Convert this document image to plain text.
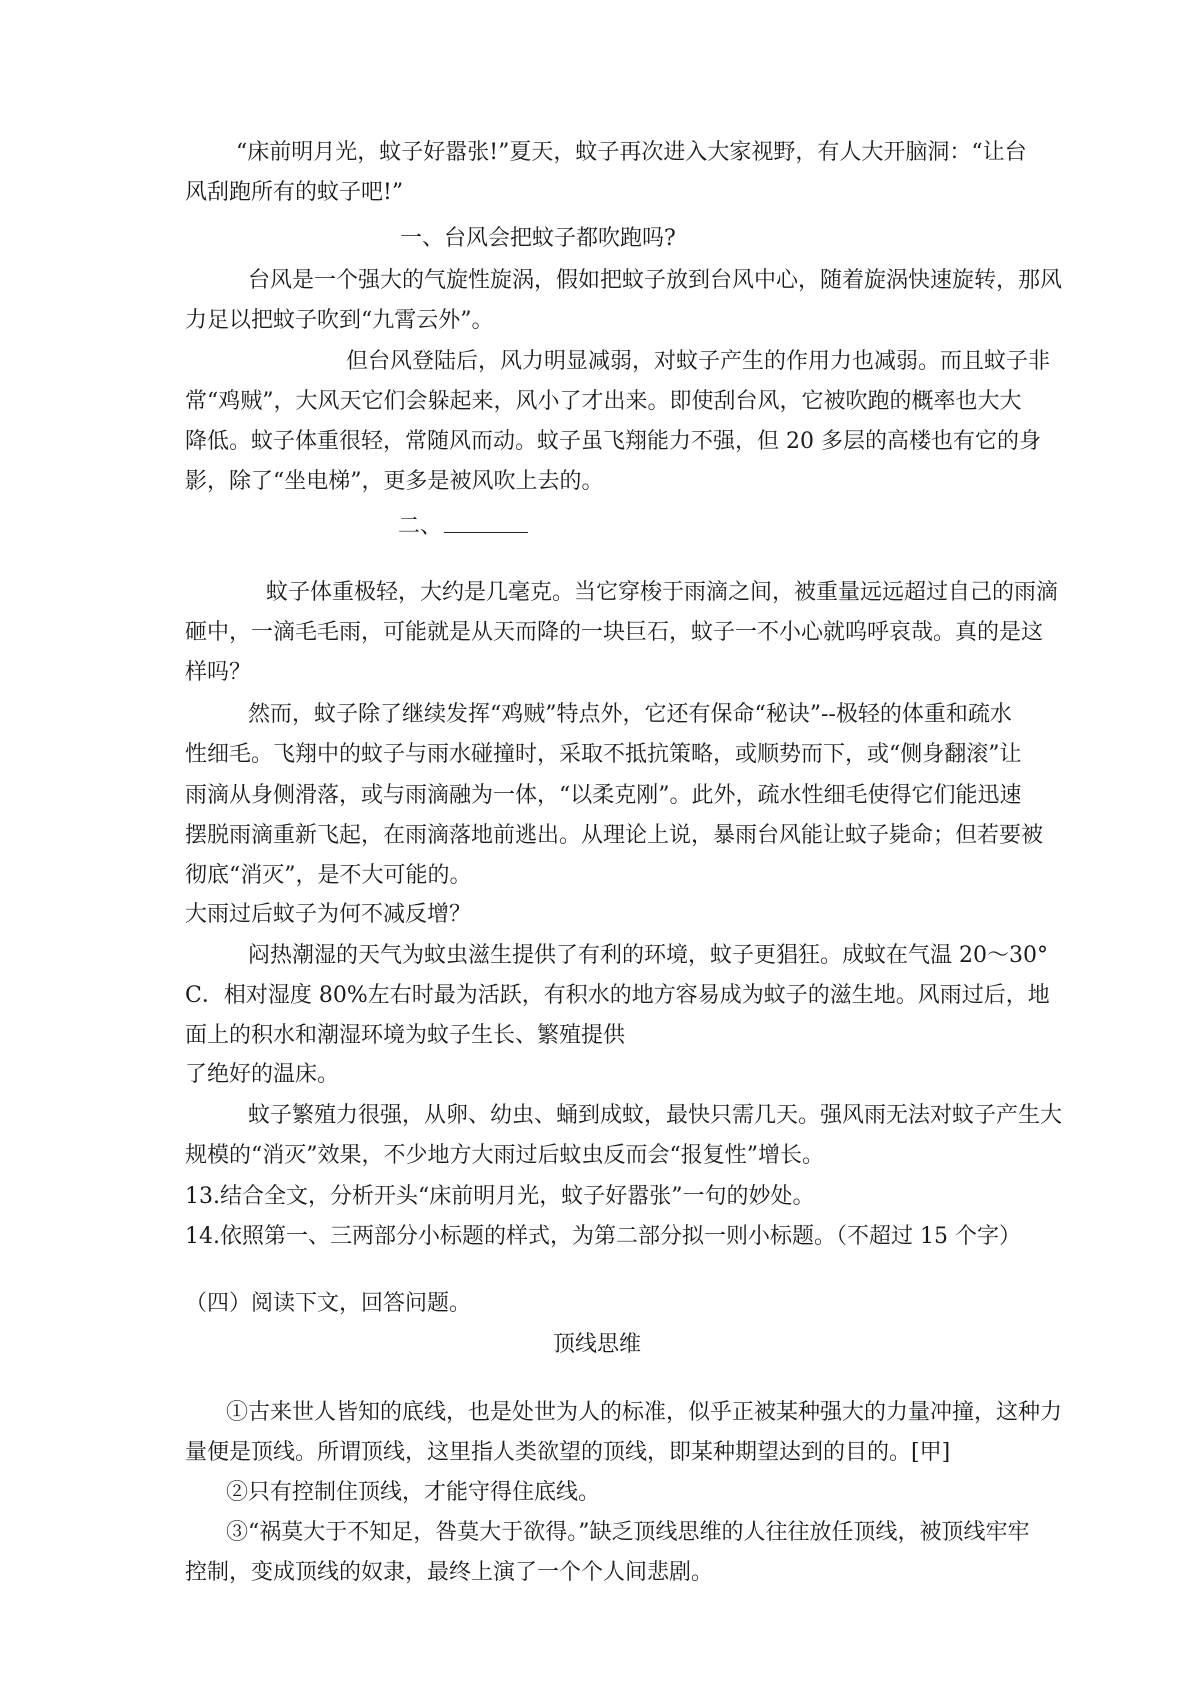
“床前明月光，蚊子好嚣张!”夏天，蚊子再次进入大家视野，有人大开脑洞：“让台
风刮跑所有的蚊子吧!”
一、台风会把蚊子都吹跑吗?
台风是一个强大的气旋性旋涡，假如把蚊子放到台风中心，随着旋涡快速旋转，那风
力足以把蚊子吹到“九霄云外”。
但台风登陆后，风力明显减弱，对蚊子产生的作用力也减弱。而且蚊子非
常“鸡贼”，大风天它们会躲起来，风小了才出来。即使刮台风，它被吹跑的概率也大大
降低。蚊子体重很轻，常随风而动。蚊子虽飞翔能力不强，但 20 多层的高楼也有它的身
影，除了“坐电梯”，更多是被风吹上去的。
二、
蚊子体重极轻，大约是几毫克。当它穿梭于雨滴之间，被重量远远超过自己的雨滴
砸中，一滴毛毛雨，可能就是从天而降的一块巨石，蚊子一不小心就呜呼哀哉。真的是这
样吗？
然而，蚊子除了继续发挥“鸡贼”特点外，它还有保命“秘诀”--极轻的体重和疏水
性细毛。飞翔中的蚊子与雨水碰撞时，采取不抵抗策略，或顺势而下，或“侧身翻滚”让
雨滴从身侧滑落，或与雨滴融为一体，“以柔克刚”。此外，疏水性细毛使得它们能迅速
摆脱雨滴重新飞起，在雨滴落地前逃出。从理论上说，暴雨台风能让蚊子毙命；但若要被
彻底“消灭”，是不大可能的。
大雨过后蚊子为何不减反增？
闷热潮湿的天气为蚊虫滋生提供了有利的环境，蚊子更猖狂。成蚊在气温 20～30°
C．相对湿度 80%左右时最为活跃，有积水的地方容易成为蚊子的滋生地。风雨过后，地
面上的积水和潮湿环境为蚊子生长、繁殖提供
了绝好的温床。
蚊子繁殖力很强，从卵、幼虫、蛹到成蚊，最快只需几天。强风雨无法对蚊子产生大
规模的“消灭”效果，不少地方大雨过后蚊虫反而会“报复性”增长。
13.结合全文，分析开头“床前明月光，蚊子好嚣张”一句的妙处。
14.依照第一、三两部分小标题的样式，为第二部分拟一则小标题。（不超过 15 个字）
（四）阅读下文，回答问题。
顶线思维
①古来世人皆知的底线，也是处世为人的标准，似乎正被某种强大的力量冲撞，这种力
量便是顶线。所谓顶线，这里指人类欲望的顶线，即某种期望达到的目的。[甲]
②只有控制住顶线，才能守得住底线。
③“祸莫大于不知足，咎莫大于欲得。”缺乏顶线思维的人往往放任顶线，被顶线牢牢
控制，变成顶线的奴隶，最终上演了一个个人间悲剧。
